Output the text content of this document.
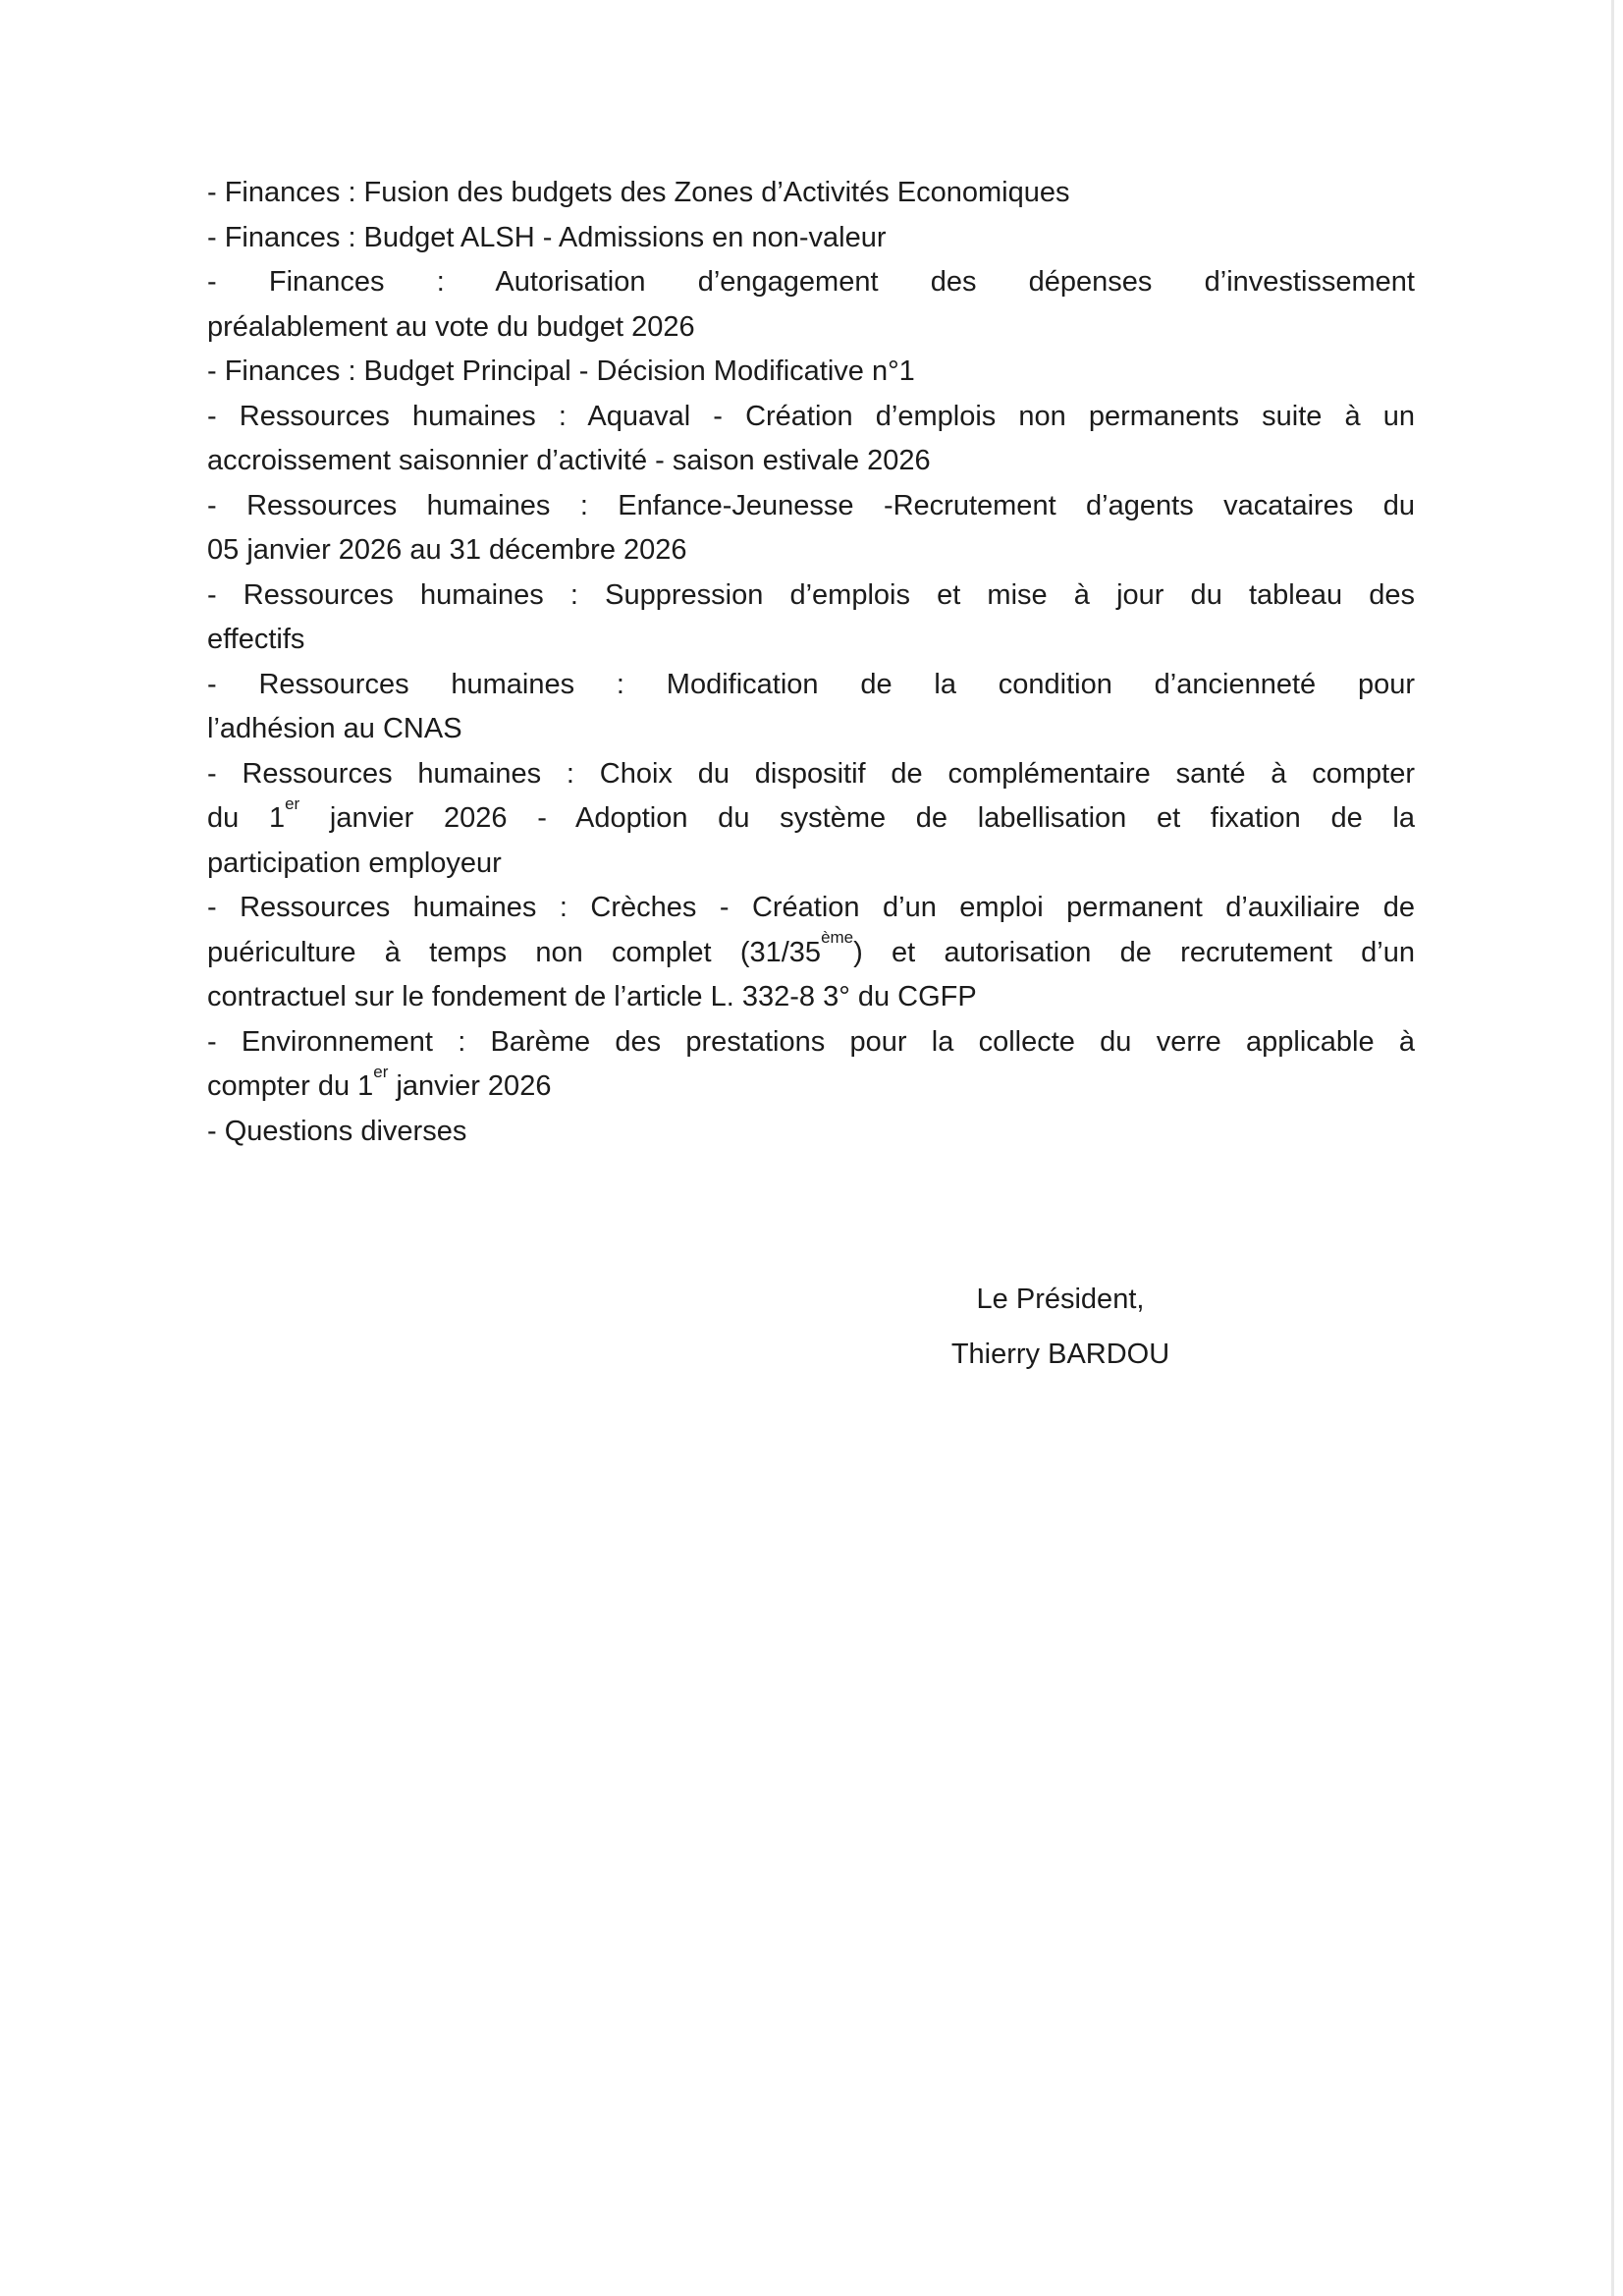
- Finances : Fusion des budgets des Zones d’Activités Economiques
- Finances : Budget ALSH - Admissions en non-valeur
- Finances : Autorisation d’engagement des dépenses d’investissement
préalablement au vote du budget 2026
- Finances : Budget Principal - Décision Modificative n°1
- Ressources humaines : Aquaval - Création d’emplois non permanents suite à un
accroissement saisonnier d’activité - saison estivale 2026
- Ressources humaines : Enfance-Jeunesse -Recrutement d’agents vacataires du
05 janvier 2026 au 31 décembre 2026
- Ressources humaines : Suppression d’emplois et mise à jour du tableau des
effectifs
- Ressources humaines : Modification de la condition d’ancienneté pour
l’adhésion au CNAS
- Ressources humaines : Choix du dispositif de complémentaire santé à compter
du 1er janvier 2026 - Adoption du système de labellisation et fixation de la
participation employeur
- Ressources humaines : Crèches - Création d’un emploi permanent d’auxiliaire de
puériculture à temps non complet (31/35ème) et autorisation de recrutement d’un
contractuel sur le fondement de l’article L. 332-8 3° du CGFP
- Environnement : Barème des prestations pour la collecte du verre applicable à
compter du 1er janvier 2026
- Questions diverses
Le Président,
Thierry BARDOU
